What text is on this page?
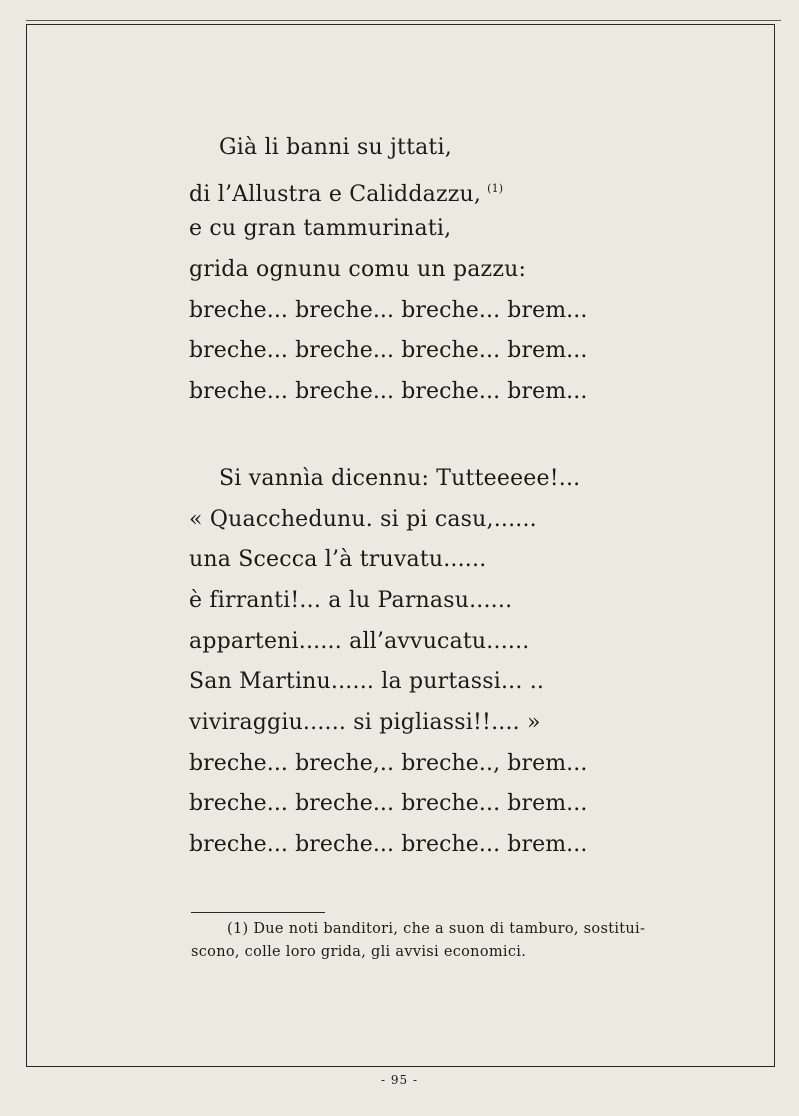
Già li banni su jttati,
di l’Allustra e Caliddazzu, $^{(1)}$
e cu gran tammurinati,
grida ognunu comu un pazzu:
breche... breche... breche... brem...
breche... breche... breche... brem...
breche... breche... breche... brem...
Si vannìa dicennu: Tutteeeee!...
« Quacchedunu. si pi casu,......
una Scecca l’à truvatu......
è firranti!... a lu Parnasu......
apparteni...... all’avvucatu......
San Martinu...... la purtassi... ..
viviraggiu...... si pigliassi!!.... »
breche... breche,.. breche.., brem...
breche... breche... breche... brem...
breche... breche... breche... brem...
(1) Due noti banditori, che a suon di tamburo, sostitui-
scono, colle loro grida, gli avvisi economici.
- 95 -
